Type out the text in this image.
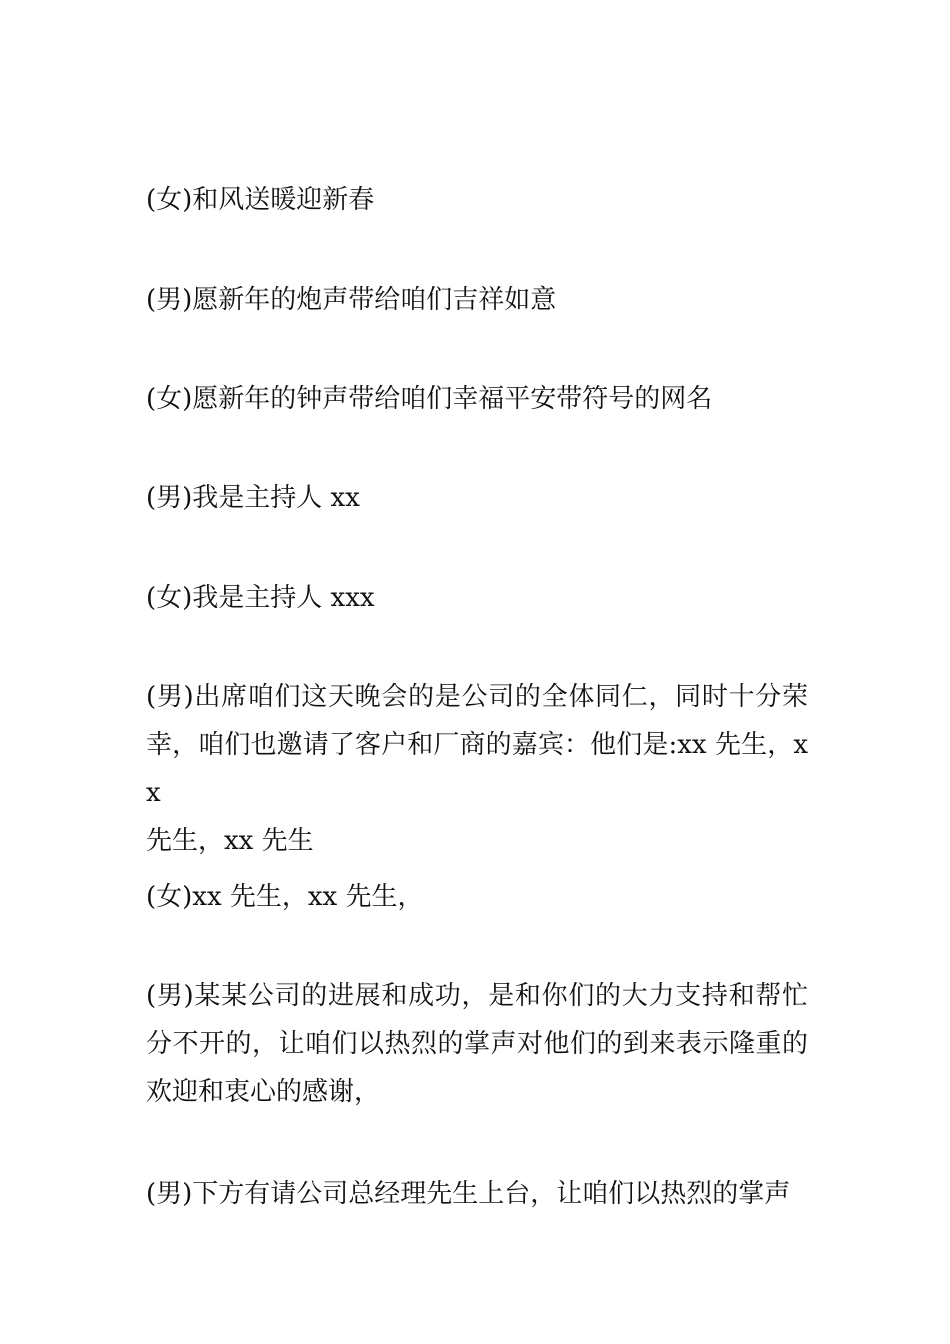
(女)和风送暖迎新春

(男)愿新年的炮声带给咱们吉祥如意

(女)愿新年的钟声带给咱们幸福平安带符号的网名

(男)我是主持人 xx

(女)我是主持人 xxx

(男)出席咱们这天晚会的是公司的全体同仁，同时十分荣
幸，咱们也邀请了客户和厂商的嘉宾：他们是:xx 先生，xx
先生，xx 先生

(女)xx 先生，xx 先生，

(男)某某公司的进展和成功，是和你们的大力支持和帮忙
分不开的，让咱们以热烈的掌声对他们的到来表示隆重的
欢迎和衷心的感谢，

(男)下方有请公司总经理先生上台，让咱们以热烈的掌声
